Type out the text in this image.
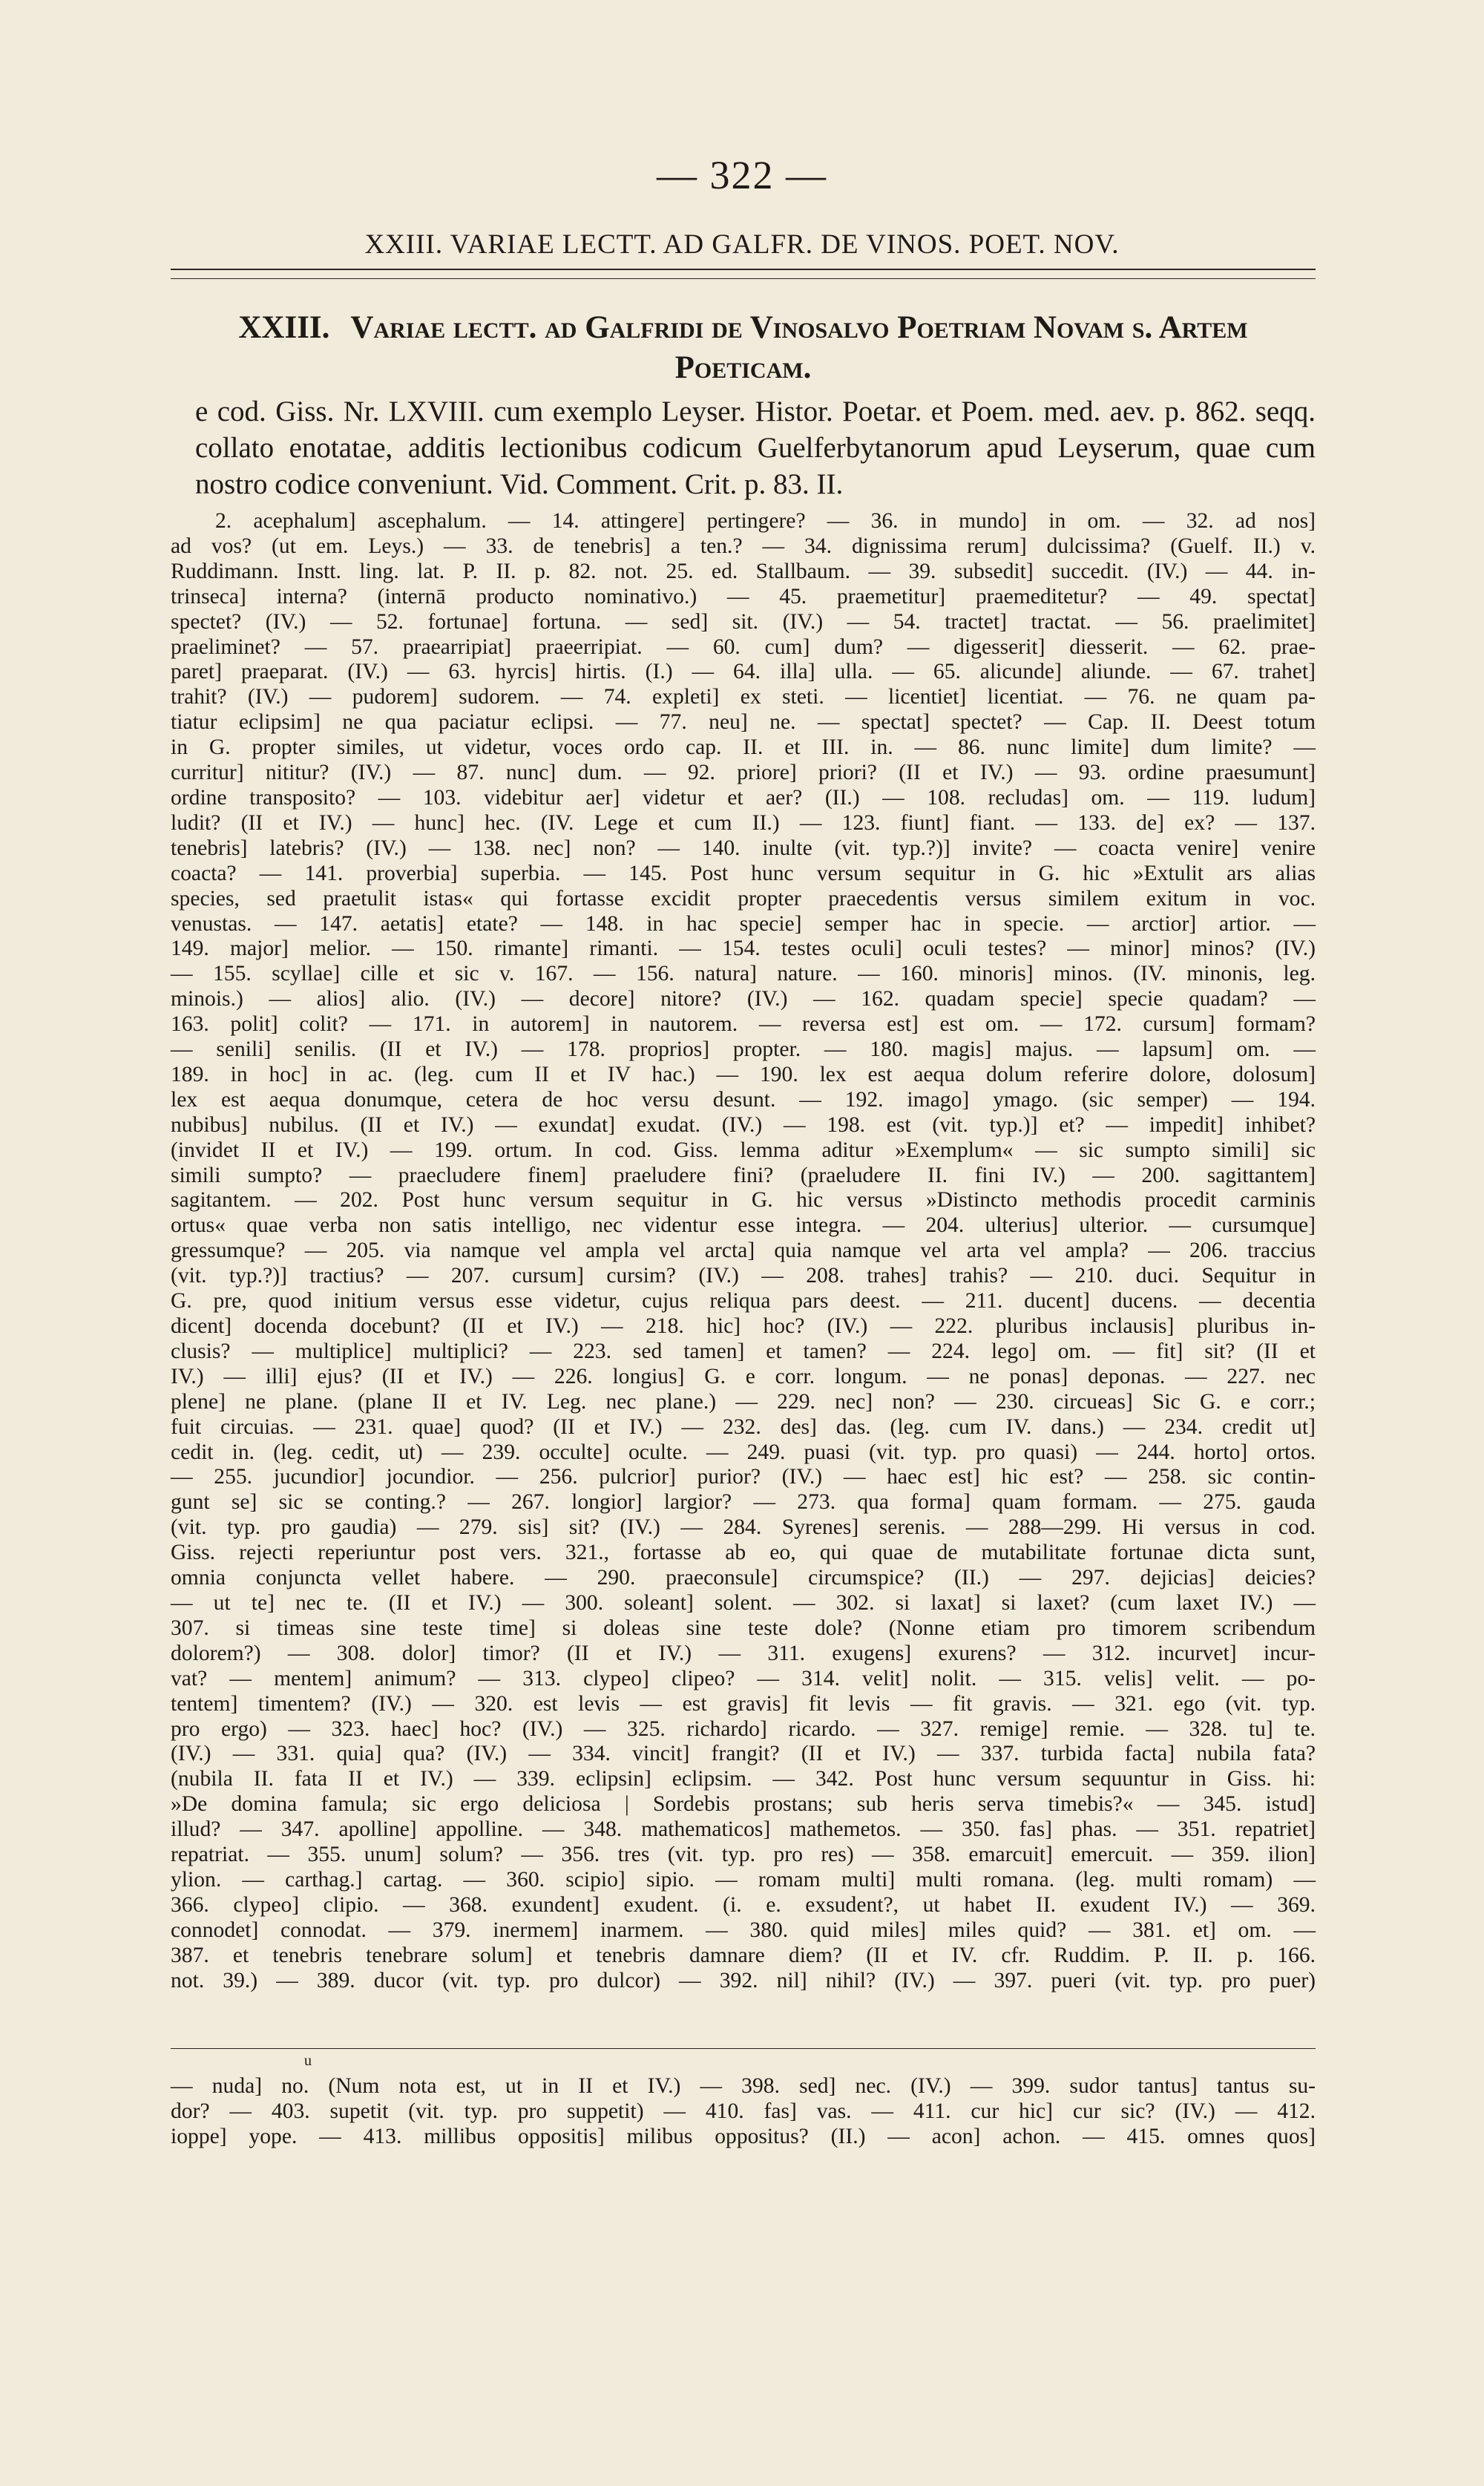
— 322 —
XXIII. VARIAE LECTT. AD GALFR. DE VINOS. POET. NOV.
XXIII. Variae lectt. ad Galfridi de Vinosalvo Poetriam Novam s. Artem
Poeticam.
e cod. Giss. Nr. LXVIII. cum exemplo Leyser. Histor. Poetar. et Poem. med. aev. p. 862. seqq. collato enotatae, additis lectionibus codicum Guelferbytanorum apud Leyserum, quae cum nostro codice conveniunt. Vid. Comment. Crit. p. 83. II.
2. acephalum] ascephalum. — 14. attingere] pertingere? — 36. in mundo] in om. — 32. ad nos]
ad vos? (ut em. Leys.) — 33. de tenebris] a ten.? — 34. dignissima rerum] dulcissima? (Guelf. II.) v.
Ruddimann. Instt. ling. lat. P. II. p. 82. not. 25. ed. Stallbaum. — 39. subsedit] succedit. (IV.) — 44. in-
trinseca] interna? (internā producto nominativo.) — 45. praemetitur] praemeditetur? — 49. spectat]
spectet? (IV.) — 52. fortunae] fortuna. — sed] sit. (IV.) — 54. tractet] tractat. — 56. praelimitet]
praeliminet? — 57. praearripiat] praeerripiat. — 60. cum] dum? — digesserit] diesserit. — 62. prae-
paret] praeparat. (IV.) — 63. hyrcis] hirtis. (I.) — 64. illa] ulla. — 65. alicunde] aliunde. — 67. trahet]
trahit? (IV.) — pudorem] sudorem. — 74. expleti] ex steti. — licentiet] licentiat. — 76. ne quam pa-
tiatur eclipsim] ne qua paciatur eclipsi. — 77. neu] ne. — spectat] spectet? — Cap. II. Deest totum
in G. propter similes, ut videtur, voces ordo cap. II. et III. in. — 86. nunc limite] dum limite? —
curritur] nititur? (IV.) — 87. nunc] dum. — 92. priore] priori? (II et IV.) — 93. ordine praesumunt]
ordine transposito? — 103. videbitur aer] videtur et aer? (II.) — 108. recludas] om. — 119. ludum]
ludit? (II et IV.) — hunc] hec. (IV. Lege et cum II.) — 123. fiunt] fiant. — 133. de] ex? — 137.
tenebris] latebris? (IV.) — 138. nec] non? — 140. inulte (vit. typ.?)] invite? — coacta venire] venire
coacta? — 141. proverbia] superbia. — 145. Post hunc versum sequitur in G. hic »Extulit ars alias
species, sed praetulit istas« qui fortasse excidit propter praecedentis versus similem exitum in voc.
venustas. — 147. aetatis] etate? — 148. in hac specie] semper hac in specie. — arctior] artior. —
149. major] melior. — 150. rimante] rimanti. — 154. testes oculi] oculi testes? — minor] minos? (IV.)
— 155. scyllae] cille et sic v. 167. — 156. natura] nature. — 160. minoris] minos. (IV. minonis, leg.
minois.) — alios] alio. (IV.) — decore] nitore? (IV.) — 162. quadam specie] specie quadam? —
163. polit] colit? — 171. in autorem] in nautorem. — reversa est] est om. — 172. cursum] formam?
— senili] senilis. (II et IV.) — 178. proprios] propter. — 180. magis] majus. — lapsum] om. —
189. in hoc] in ac. (leg. cum II et IV hac.) — 190. lex est aequa dolum referire dolore, dolosum]
lex est aequa donumque, cetera de hoc versu desunt. — 192. imago] ymago. (sic semper) — 194.
nubibus] nubilus. (II et IV.) — exundat] exudat. (IV.) — 198. est (vit. typ.)] et? — impedit] inhibet?
(invidet II et IV.) — 199. ortum. In cod. Giss. lemma aditur »Exemplum« — sic sumpto simili] sic
simili sumpto? — praecludere finem] praeludere fini? (praeludere II. fini IV.) — 200. sagittantem]
sagitantem. — 202. Post hunc versum sequitur in G. hic versus »Distincto methodis procedit carminis
ortus« quae verba non satis intelligo, nec videntur esse integra. — 204. ulterius] ulterior. — cursumque]
gressumque? — 205. via namque vel ampla vel arcta] quia namque vel arta vel ampla? — 206. traccius
(vit. typ.?)] tractius? — 207. cursum] cursim? (IV.) — 208. trahes] trahis? — 210. duci. Sequitur in
G. pre, quod initium versus esse videtur, cujus reliqua pars deest. — 211. ducent] ducens. — decentia
dicent] docenda docebunt? (II et IV.) — 218. hic] hoc? (IV.) — 222. pluribus inclausis] pluribus in-
clusis? — multiplice] multiplici? — 223. sed tamen] et tamen? — 224. lego] om. — fit] sit? (II et
IV.) — illi] ejus? (II et IV.) — 226. longius] G. e corr. longum. — ne ponas] deponas. — 227. nec
plene] ne plane. (plane II et IV. Leg. nec plane.) — 229. nec] non? — 230. circueas] Sic G. e corr.;
fuit circuias. — 231. quae] quod? (II et IV.) — 232. des] das. (leg. cum IV. dans.) — 234. credit ut]
cedit in. (leg. cedit, ut) — 239. occulte] oculte. — 249. puasi (vit. typ. pro quasi) — 244. horto] ortos.
— 255. jucundior] jocundior. — 256. pulcrior] purior? (IV.) — haec est] hic est? — 258. sic contin-
gunt se] sic se conting.? — 267. longior] largior? — 273. qua forma] quam formam. — 275. gauda
(vit. typ. pro gaudia) — 279. sis] sit? (IV.) — 284. Syrenes] serenis. — 288—299. Hi versus in cod.
Giss. rejecti reperiuntur post vers. 321., fortasse ab eo, qui quae de mutabilitate fortunae dicta sunt,
omnia conjuncta vellet habere. — 290. praeconsule] circumspice? (II.) — 297. dejicias] deicies?
— ut te] nec te. (II et IV.) — 300. soleant] solent. — 302. si laxat] si laxet? (cum laxet IV.) —
307. si timeas sine teste time] si doleas sine teste dole? (Nonne etiam pro timorem scribendum
dolorem?) — 308. dolor] timor? (II et IV.) — 311. exugens] exurens? — 312. incurvet] incur-
vat? — mentem] animum? — 313. clypeo] clipeo? — 314. velit] nolit. — 315. velis] velit. — po-
tentem] timentem? (IV.) — 320. est levis — est gravis] fit levis — fit gravis. — 321. ego (vit. typ.
pro ergo) — 323. haec] hoc? (IV.) — 325. richardo] ricardo. — 327. remige] remie. — 328. tu] te.
(IV.) — 331. quia] qua? (IV.) — 334. vincit] frangit? (II et IV.) — 337. turbida facta] nubila fata?
(nubila II. fata II et IV.) — 339. eclipsin] eclipsim. — 342. Post hunc versum sequuntur in Giss. hi:
»De domina famula; sic ergo deliciosa | Sordebis prostans; sub heris serva timebis?« — 345. istud]
illud? — 347. apolline] appolline. — 348. mathematicos] mathemetos. — 350. fas] phas. — 351. repatriet]
repatriat. — 355. unum] solum? — 356. tres (vit. typ. pro res) — 358. emarcuit] emercuit. — 359. ilion]
ylion. — carthag.] cartag. — 360. scipio] sipio. — romam multi] multi romana. (leg. multi romam) —
366. clypeo] clipio. — 368. exundent] exudent. (i. e. exsudent?, ut habet II. exudent IV.) — 369.
connodet] connodat. — 379. inermem] inarmem. — 380. quid miles] miles quid? — 381. et] om. —
387. et tenebris tenebrare solum] et tenebris damnare diem? (II et IV. cfr. Ruddim. P. II. p. 166.
not. 39.) — 389. ducor (vit. typ. pro dulcor) — 392. nil] nihil? (IV.) — 397. pueri (vit. typ. pro puer)
u
— nuda] no. (Num nota est, ut in II et IV.) — 398. sed] nec. (IV.) — 399. sudor tantus] tantus su-
dor? — 403. supetit (vit. typ. pro suppetit) — 410. fas] vas. — 411. cur hic] cur sic? (IV.) — 412.
ioppe] yope. — 413. millibus oppositis] milibus oppositus? (II.) — acon] achon. — 415. omnes quos]
